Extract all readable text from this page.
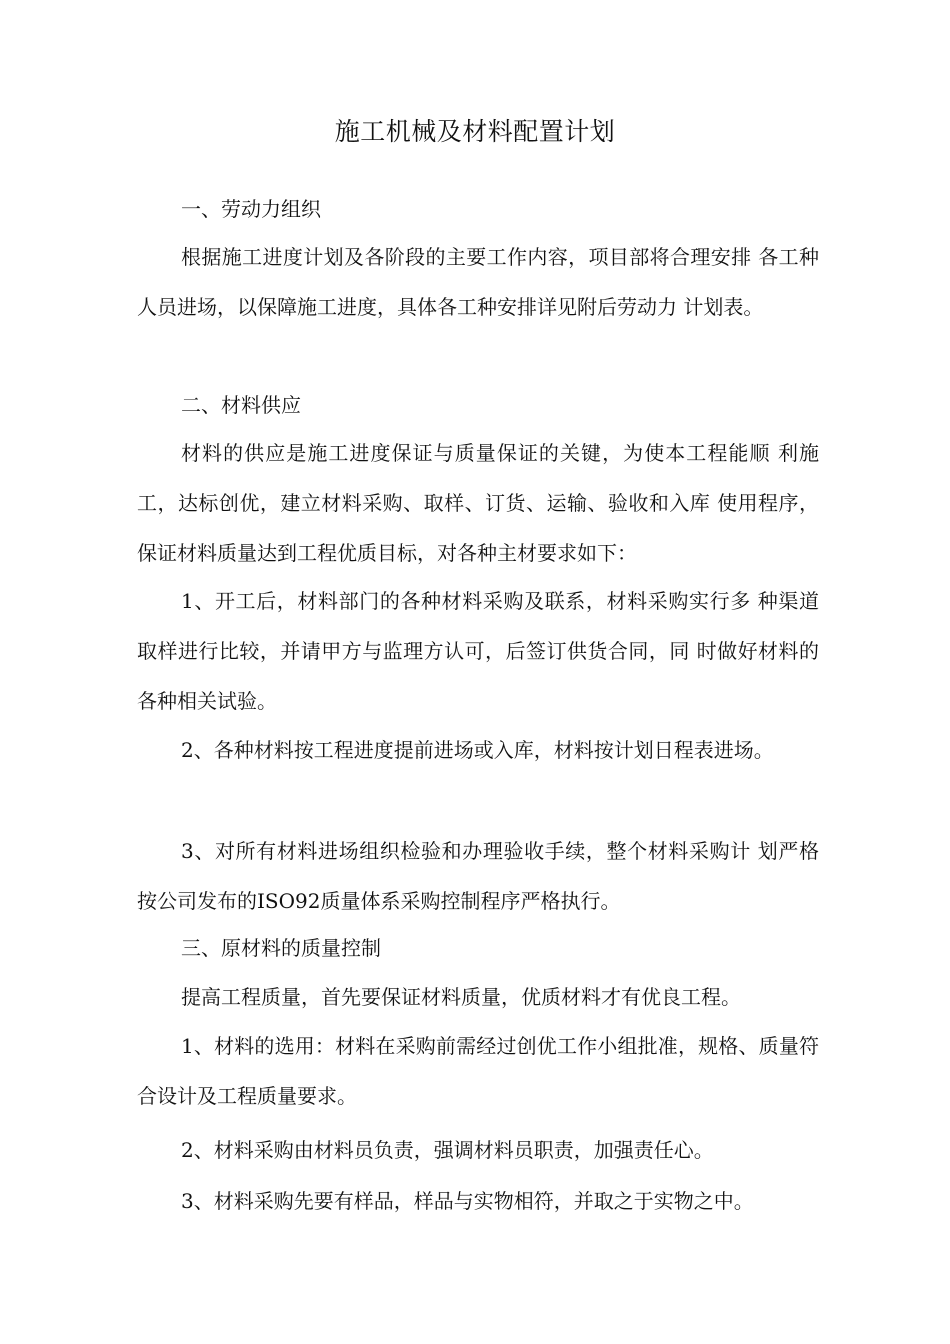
施工机械及材料配置计划

一、劳动力组织

根据施工进度计划及各阶段的主要工作内容，项目部将合理安排 各工种人员进场，以保障施工进度，具体各工种安排详见附后劳动力 计划表。

二、材料供应

材料的供应是施工进度保证与质量保证的关键，为使本工程能顺 利施工，达标创优，建立材料采购、取样、订货、运输、验收和入库 使用程序，保证材料质量达到工程优质目标，对各种主材要求如下：

1、开工后，材料部门的各种材料采购及联系，材料采购实行多 种渠道取样进行比较，并请甲方与监理方认可，后签订供货合同，同 时做好材料的各种相关试验。

2、各种材料按工程进度提前进场或入库，材料按计划日程表进场。

3、对所有材料进场组织检验和办理验收手续，整个材料采购计 划严格按公司发布的ISO92质量体系采购控制程序严格执行。

三、原材料的质量控制

提高工程质量，首先要保证材料质量，优质材料才有优良工程。

1、材料的选用：材料在采购前需经过创优工作小组批准，规格、质量符合设计及工程质量要求。

2、材料采购由材料员负责，强调材料员职责，加强责任心。

3、材料采购先要有样品，样品与实物相符，并取之于实物之中。
